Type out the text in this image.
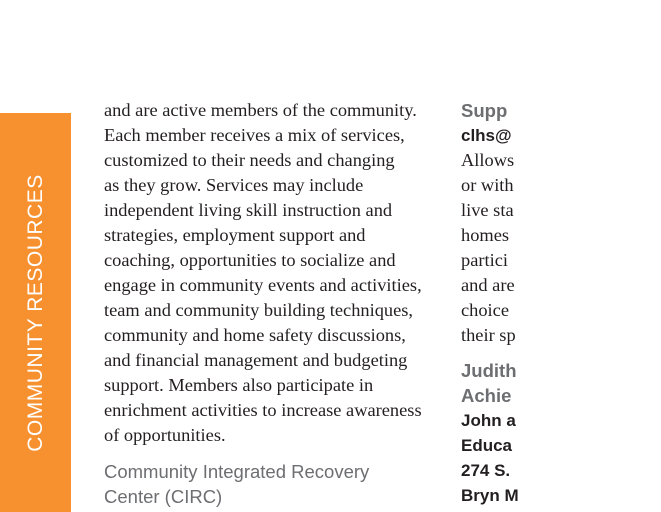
COMMUNITY RESOURCES

and are active members of the community.
Each member receives a mix of services,
customized to their needs and changing
as they grow. Services may include
independent living skill instruction and
strategies, employment support and
coaching, opportunities to socialize and
engage in community events and activities,
team and community building techniques,
community and home safety discussions,
and financial management and budgeting
support. Members also participate in
enrichment activities to increase awareness
of opportunities.

Community Integrated Recovery
Center (CIRC)
Supp
clhs@
Allows
or with
live sta
homes
partici
and are
choice
their sp
Judith
Achie
John a
Educa
274 S.
Bryn M
